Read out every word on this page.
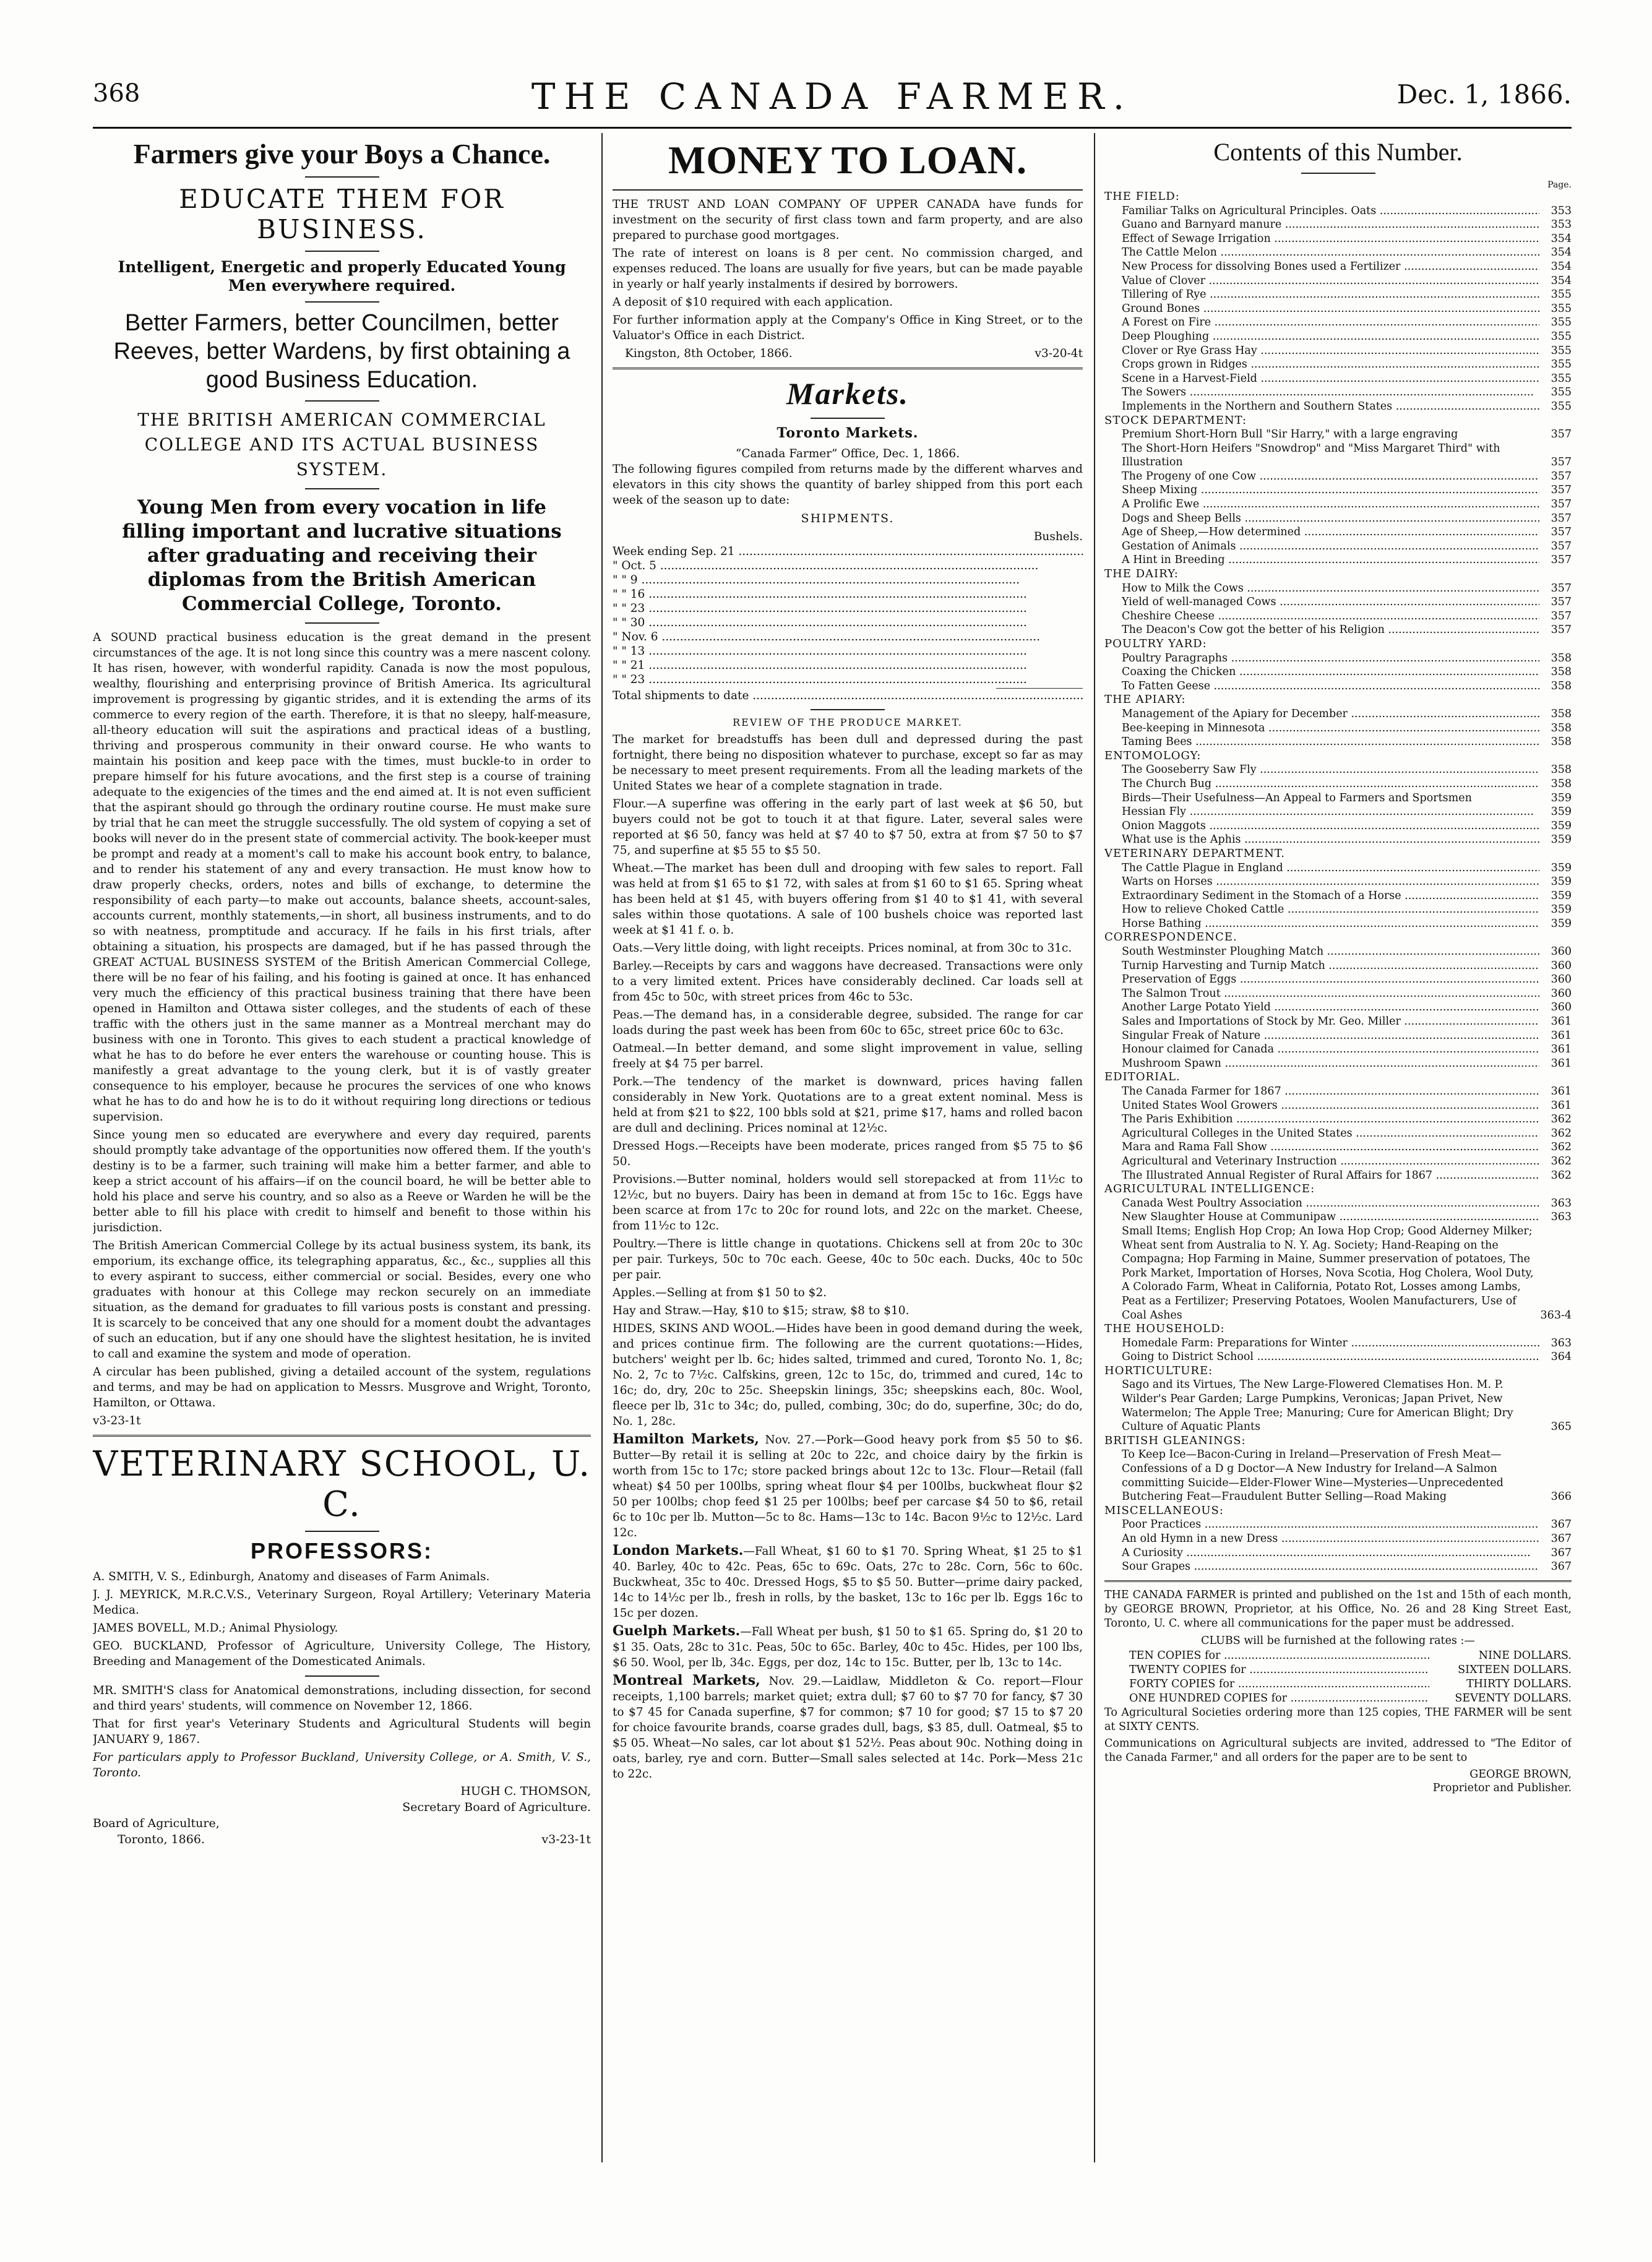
368	THE CANADA FARMER.	Dec. 1, 1866.
Farmers give your Boys a Chance.
EDUCATE THEM FOR BUSINESS.
Intelligent, Energetic and properly Educated Young Men everywhere required.
Better Farmers, better Councilmen, better Reeves, better Wardens, by first obtaining a good Business Education.
THE BRITISH AMERICAN COMMERCIAL COLLEGE AND ITS ACTUAL BUSINESS SYSTEM.
Young Men from every vocation in life filling important and lucrative situations after graduating and receiving their diplomas from the British American Commercial College, Toronto.

A SOUND practical business education is the great demand in the present circumstances of the age. It is not long since this country was a mere nascent colony. It has risen, however, with wonderful rapidity. Canada is now the most populous, wealthy, flourishing and enterprising province of British America. Its agricultural improvement is progressing by gigantic strides, and it is extending the arms of its commerce to every region of the earth. Therefore, it is that no sleepy, half-measure, all-theory education will suit the aspirations and practical ideas of a bustling, thriving and prosperous community in their onward course. He who wants to maintain his position and keep pace with the times, must buckle-to in order to prepare himself for his future avocations, and the first step is a course of training adequate to the exigencies of the times and the end aimed at. It is not even sufficient that the aspirant should go through the ordinary routine course. He must make sure by trial that he can meet the struggle successfully. The old system of copying a set of books will never do in the present state of commercial activity. The book-keeper must be prompt and ready at a moment's call to make his account book entry, to balance, and to render his statement of any and every transaction. He must know how to draw properly checks, orders, notes and bills of exchange, to determine the responsibility of each party—to make out accounts, balance sheets, account-sales, accounts current, monthly statements,—in short, all business instruments, and to do so with neatness, promptitude and accuracy. If he fails in his first trials, after obtaining a situation, his prospects are damaged, but if he has passed through the GREAT ACTUAL BUSINESS SYSTEM of the British American Commercial College, there will be no fear of his failing, and his footing is gained at once. It has enhanced very much the efficiency of this practical business training that there have been opened in Hamilton and Ottawa sister colleges, and the students of each of these traffic with the others just in the same manner as a Montreal merchant may do business with one in Toronto. This gives to each student a practical knowledge of what he has to do before he ever enters the warehouse or counting house. This is manifestly a great advantage to the young clerk, but it is of vastly greater consequence to his employer, because he procures the services of one who knows what he has to do and how he is to do it without requiring long directions or tedious supervision.

Since young men so educated are everywhere and every day required, parents should promptly take advantage of the opportunities now offered them. If the youth's destiny is to be a farmer, such training will make him a better farmer, and able to keep a strict account of his affairs—if on the council board, he will be better able to hold his place and serve his country, and so also as a Reeve or Warden he will be the better able to fill his place with credit to himself and benefit to those within his jurisdiction.

The British American Commercial College by its actual business system, its bank, its emporium, its exchange office, its telegraphing apparatus, &c., &c., supplies all this to every aspirant to success, either commercial or social. Besides, every one who graduates with honour at this College may reckon securely on an immediate situation, as the demand for graduates to fill various posts is constant and pressing. It is scarcely to be conceived that any one should for a moment doubt the advantages of such an education, but if any one should have the slightest hesitation, he is invited to call and examine the system and mode of operation.

A circular has been published, giving a detailed account of the system, regulations and terms, and may be had on application to Messrs. Musgrove and Wright, Toronto, Hamilton, or Ottawa.

v3-23-1t
VETERINARY SCHOOL, U. C.
PROFESSORS:

A. SMITH, V. S., Edinburgh, Anatomy and diseases of Farm Animals.

J. J. MEYRICK, M.R.C.V.S., Veterinary Surgeon, Royal Artillery; Veterinary Materia Medica.

JAMES BOVELL, M.D.; Animal Physiology.

GEO. BUCKLAND, Professor of Agriculture, University College, The History, Breeding and Management of the Domesticated Animals.

MR. SMITH'S class for Anatomical demonstrations, including dissection, for second and third years' students, will commence on November 12, 1866.

That for first year's Veterinary Students and Agricultural Students will begin JANUARY 9, 1867.

For particulars apply to Professor Buckland, University College, or A. Smith, V. S., Toronto.

HUGH C. THOMSON,
Secretary Board of Agriculture.
Board of Agriculture,
Toronto, 1866.	v3-23-1t
MONEY TO LOAN.

THE TRUST AND LOAN COMPANY OF UPPER CANADA have funds for investment on the security of first class town and farm property, and are also prepared to purchase good mortgages.

The rate of interest on loans is 8 per cent. No commission charged, and expenses reduced. The loans are usually for five years, but can be made payable in yearly or half yearly instalments if desired by borrowers.

A deposit of $10 required with each application.

For further information apply at the Company's Office in King Street, or to the Valuator's Office in each District.

Kingston, 8th October, 1866.	v3-20-4t
Markets.
Toronto Markets.
“Canada Farmer” Office, Dec. 1, 1866.

The following figures compiled from returns made by the different wharves and elevators in this city shows the quantity of barley shipped from this port each week of the season up to date:

SHIPMENTS.
Bushels.
Week ending Sep. 21 .....	
" Oct. 5 .....	
" " 9 .....	
" " 16 .....	
" " 23 .....	
" " 30 .....	
" Nov. 6 .....	
" " 13 .....	
" " 21 .....	
" " 23 .....	
Total shipments to date .....	
REVIEW OF THE PRODUCE MARKET.

The market for breadstuffs has been dull and depressed during the past fortnight, there being no disposition whatever to purchase, except so far as may be necessary to meet present requirements. From all the leading markets of the United States we hear of a complete stagnation in trade.

Flour.—A superfine was offering in the early part of last week at $6 50, but buyers could not be got to touch it at that figure. Later, several sales were reported at $6 50, fancy was held at $7 40 to $7 50, extra at from $7 50 to $7 75, and superfine at $5 55 to $5 50.

Wheat.—The market has been dull and drooping with few sales to report. Fall was held at from $1 65 to $1 72, with sales at from $1 60 to $1 65. Spring wheat has been held at $1 45, with buyers offering from $1 40 to $1 41, with several sales within those quotations. A sale of 100 bushels choice was reported last week at $1 41 f. o. b.

Oats.—Very little doing, with light receipts. Prices nominal, at from 30c to 31c.

Barley.—Receipts by cars and waggons have decreased. Transactions were only to a very limited extent. Prices have considerably declined. Car loads sell at from 45c to 50c, with street prices from 46c to 53c.

Peas.—The demand has, in a considerable degree, subsided. The range for car loads during the past week has been from 60c to 65c, street price 60c to 63c.

Oatmeal.—In better demand, and some slight improvement in value, selling freely at $4 75 per barrel.

Pork.—The tendency of the market is downward, prices having fallen considerably in New York. Quotations are to a great extent nominal. Mess is held at from $21 to $22, 100 bbls sold at $21, prime $17, hams and rolled bacon are dull and declining. Prices nominal at 12½c.

Dressed Hogs.—Receipts have been moderate, prices ranged from $5 75 to $6 50.

Provisions.—Butter nominal, holders would sell storepacked at from 11½c to 12½c, but no buyers. Dairy has been in demand at from 15c to 16c. Eggs have been scarce at from 17c to 20c for round lots, and 22c on the market. Cheese, from 11½c to 12c.

Poultry.—There is little change in quotations. Chickens sell at from 20c to 30c per pair. Turkeys, 50c to 70c each. Geese, 40c to 50c each. Ducks, 40c to 50c per pair.

Apples.—Selling at from $1 50 to $2.

Hay and Straw.—Hay, $10 to $15; straw, $8 to $10.

HIDES, SKINS AND WOOL.—Hides have been in good demand during the week, and prices continue firm. The following are the current quotations:—Hides, butchers' weight per lb. 6c; hides salted, trimmed and cured, Toronto No. 1, 8c; No. 2, 7c to 7½c. Calfskins, green, 12c to 15c, do, trimmed and cured, 14c to 16c; do, dry, 20c to 25c. Sheepskin linings, 35c; sheepskins each, 80c. Wool, fleece per lb, 31c to 34c; do, pulled, combing, 30c; do do, superfine, 30c; do do, No. 1, 28c.

Hamilton Markets, Nov. 27.—Pork—Good heavy pork from $5 50 to $6. Butter—By retail it is selling at 20c to 22c, and choice dairy by the firkin is worth from 15c to 17c; store packed brings about 12c to 13c. Flour—Retail (fall wheat) $4 50 per 100lbs, spring wheat flour $4 per 100lbs, buckwheat flour $2 50 per 100lbs; chop feed $1 25 per 100lbs; beef per carcase $4 50 to $6, retail 6c to 10c per lb. Mutton—5c to 8c. Hams—13c to 14c. Bacon 9½c to 12½c. Lard 12c.

London Markets.—Fall Wheat, $1 60 to $1 70. Spring Wheat, $1 25 to $1 40. Barley, 40c to 42c. Peas, 65c to 69c. Oats, 27c to 28c. Corn, 56c to 60c. Buckwheat, 35c to 40c. Dressed Hogs, $5 to $5 50. Butter—prime dairy packed, 14c to 14½c per lb., fresh in rolls, by the basket, 13c to 16c per lb. Eggs 16c to 15c per dozen.

Guelph Markets.—Fall Wheat per bush, $1 50 to $1 65. Spring do, $1 20 to $1 35. Oats, 28c to 31c. Peas, 50c to 65c. Barley, 40c to 45c. Hides, per 100 lbs, $6 50. Wool, per lb, 34c. Eggs, per doz, 14c to 15c. Butter, per lb, 13c to 14c.

Montreal Markets, Nov. 29.—Laidlaw, Middleton & Co. report—Flour receipts, 1,100 barrels; market quiet; extra dull; $7 60 to $7 70 for fancy, $7 30 to $7 45 for Canada superfine, $7 for common; $7 10 for good; $7 15 to $7 20 for choice favourite brands, coarse grades dull, bags, $3 85, dull. Oatmeal, $5 to $5 05. Wheat—No sales, car lot about $1 52½. Peas about 90c. Nothing doing in oats, barley, rye and corn. Butter—Small sales selected at 14c. Pork—Mess 21c to 22c.

Contents of this Number.
Page.
THE FIELD:
Familiar Talks on Agricultural Principles. Oats .....	353
Guano and Barnyard manure .....	353
Effect of Sewage Irrigation .....	354
The Cattle Melon .....	354
New Process for dissolving Bones used a Fertilizer .....	354
Value of Clover .....	354
Tillering of Rye .....	355
Ground Bones .....	355
A Forest on Fire .....	355
Deep Ploughing .....	355
Clover or Rye Grass Hay .....	355
Crops grown in Ridges .....	355
Scene in a Harvest-Field .....	355
The Sowers .....	355
Implements in the Northern and Southern States .....	355
STOCK DEPARTMENT:
Premium Short-Horn Bull "Sir Harry," with a large engraving	357
The Short-Horn Heifers "Snowdrop" and "Miss Margaret Third" with Illustration	357
The Progeny of one Cow .....	357
Sheep Mixing .....	357
A Prolific Ewe .....	357
Dogs and Sheep Bells .....	357
Age of Sheep,—How determined .....	357
Gestation of Animals .....	357
A Hint in Breeding .....	357
THE DAIRY:
How to Milk the Cows .....	357
Yield of well-managed Cows .....	357
Cheshire Cheese .....	357
The Deacon's Cow got the better of his Religion .....	357
POULTRY YARD:
Poultry Paragraphs .....	358
Coaxing the Chicken .....	358
To Fatten Geese .....	358
THE APIARY:
Management of the Apiary for December .....	358
Bee-keeping in Minnesota .....	358
Taming Bees .....	358
ENTOMOLOGY:
The Gooseberry Saw Fly .....	358
The Church Bug .....	358
Birds—Their Usefulness—An Appeal to Farmers and Sportsmen	359
Hessian Fly .....	359
Onion Maggots .....	359
What use is the Aphis .....	359
VETERINARY DEPARTMENT.
The Cattle Plague in England .....	359
Warts on Horses .....	359
Extraordinary Sediment in the Stomach of a Horse .....	359
How to relieve Choked Cattle .....	359
Horse Bathing .....	359
CORRESPONDENCE.
South Westminster Ploughing Match .....	360
Turnip Harvesting and Turnip Match .....	360
Preservation of Eggs .....	360
The Salmon Trout .....	360
Another Large Potato Yield .....	360
Sales and Importations of Stock by Mr. Geo. Miller .....	361
Singular Freak of Nature .....	361
Honour claimed for Canada .....	361
Mushroom Spawn .....	361
EDITORIAL.
The Canada Farmer for 1867 .....	361
United States Wool Growers .....	361
The Paris Exhibition .....	362
Agricultural Colleges in the United States .....	362
Mara and Rama Fall Show .....	362
Agricultural and Veterinary Instruction .....	362
The Illustrated Annual Register of Rural Affairs for 1867 .....	362
AGRICULTURAL INTELLIGENCE:
Canada West Poultry Association .....	363
New Slaughter House at Communipaw .....	363
Small Items; English Hop Crop; An Iowa Hop Crop; Good Alderney Milker; Wheat sent from Australia to N. Y. Ag. Society; Hand-Reaping on the Compagna; Hop Farming in Maine, Summer preservation of potatoes, The Pork Market, Importation of Horses, Nova Scotia, Hog Cholera, Wool Duty, A Colorado Farm, Wheat in California, Potato Rot, Losses among Lambs, Peat as a Fertilizer; Preserving Potatoes, Woolen Manufacturers, Use of Coal Ashes	363-4
THE HOUSEHOLD:
Homedale Farm: Preparations for Winter .....	363
Going to District School .....	364
HORTICULTURE:
Sago and its Virtues, The New Large-Flowered Clematises Hon. M. P. Wilder's Pear Garden; Large Pumpkins, Veronicas; Japan Privet, New Watermelon; The Apple Tree; Manuring; Cure for American Blight; Dry Culture of Aquatic Plants	365
BRITISH GLEANINGS:
To Keep Ice—Bacon-Curing in Ireland—Preservation of Fresh Meat—Confessions of a D g Doctor—A New Industry for Ireland—A Salmon committing Suicide—Elder-Flower Wine—Mysteries—Unprecedented Butchering Feat—Fraudulent Butter Selling—Road Making	366
MISCELLANEOUS:
Poor Practices .....	367
An old Hymn in a new Dress .....	367
A Curiosity .....	367
Sour Grapes .....	367

THE CANADA FARMER is printed and published on the 1st and 15th of each month, by GEORGE BROWN, Proprietor, at his Office, No. 26 and 28 King Street East, Toronto, U. C. where all communications for the paper must be addressed.

CLUBS will be furnished at the following rates :—
TEN COPIES for .....	NINE DOLLARS.
TWENTY COPIES for .....	SIXTEEN DOLLARS.
FORTY COPIES for .....	THIRTY DOLLARS.
ONE HUNDRED COPIES for .....	SEVENTY DOLLARS.

To Agricultural Societies ordering more than 125 copies, THE FARMER will be sent at SIXTY CENTS.

Communications on Agricultural subjects are invited, addressed to "The Editor of the Canada Farmer," and all orders for the paper are to be sent to

GEORGE BROWN,
Proprietor and Publisher.
